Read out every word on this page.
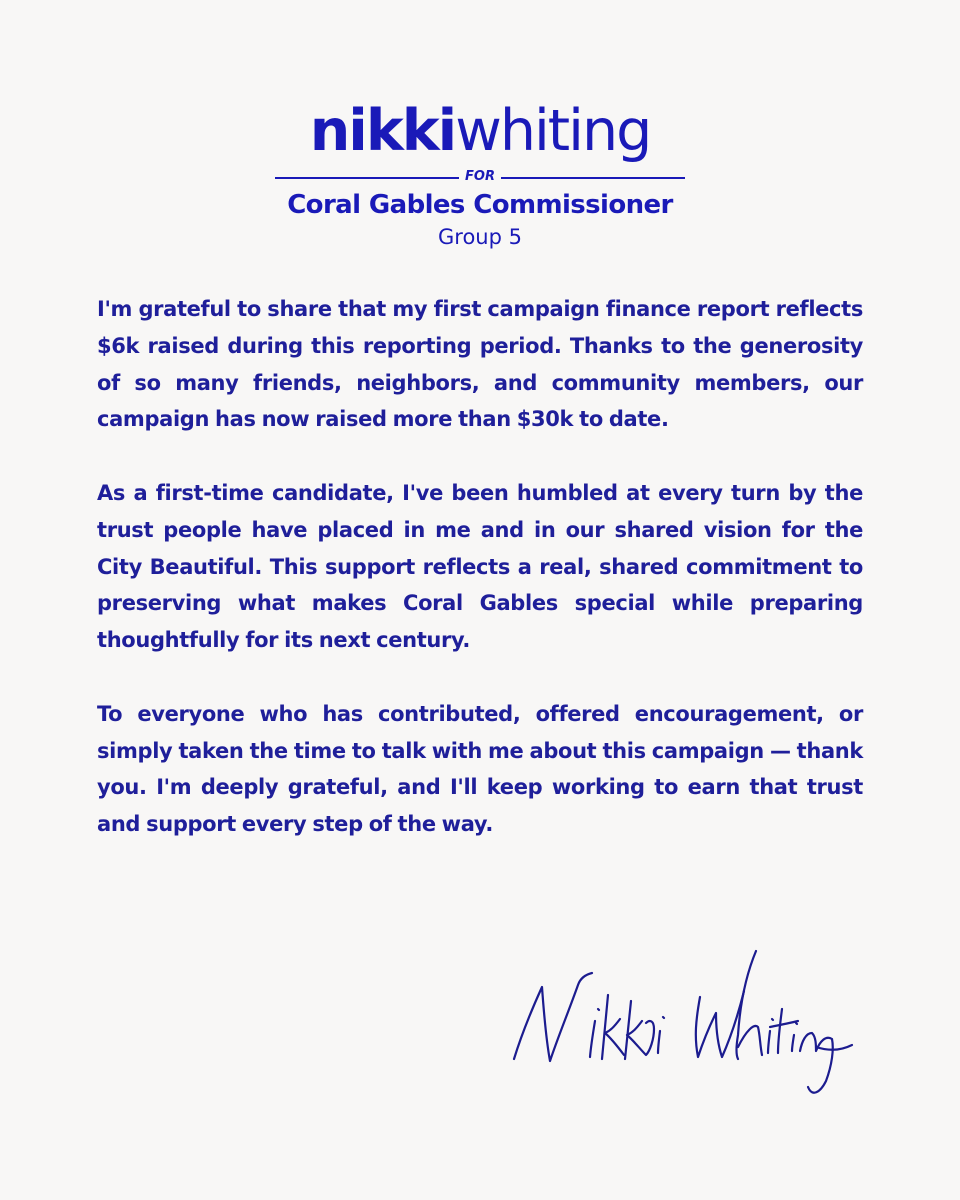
nikkiwhiting
FOR
Coral Gables Commissioner
Group 5

I'm grateful to share that my first campaign finance report reflects $6k raised during this reporting period. Thanks to the generosity of so many friends, neighbors, and community members, our campaign has now raised more than $30k to date.

As a first-time candidate, I've been humbled at every turn by the trust people have placed in me and in our shared vision for the City Beautiful. This support reflects a real, shared commitment to preserving what makes Coral Gables special while preparing thoughtfully for its next century.

To everyone who has contributed, offered encouragement, or simply taken the time to talk with me about this campaign — thank you. I'm deeply grateful, and I'll keep working to earn that trust and support every step of the way.
